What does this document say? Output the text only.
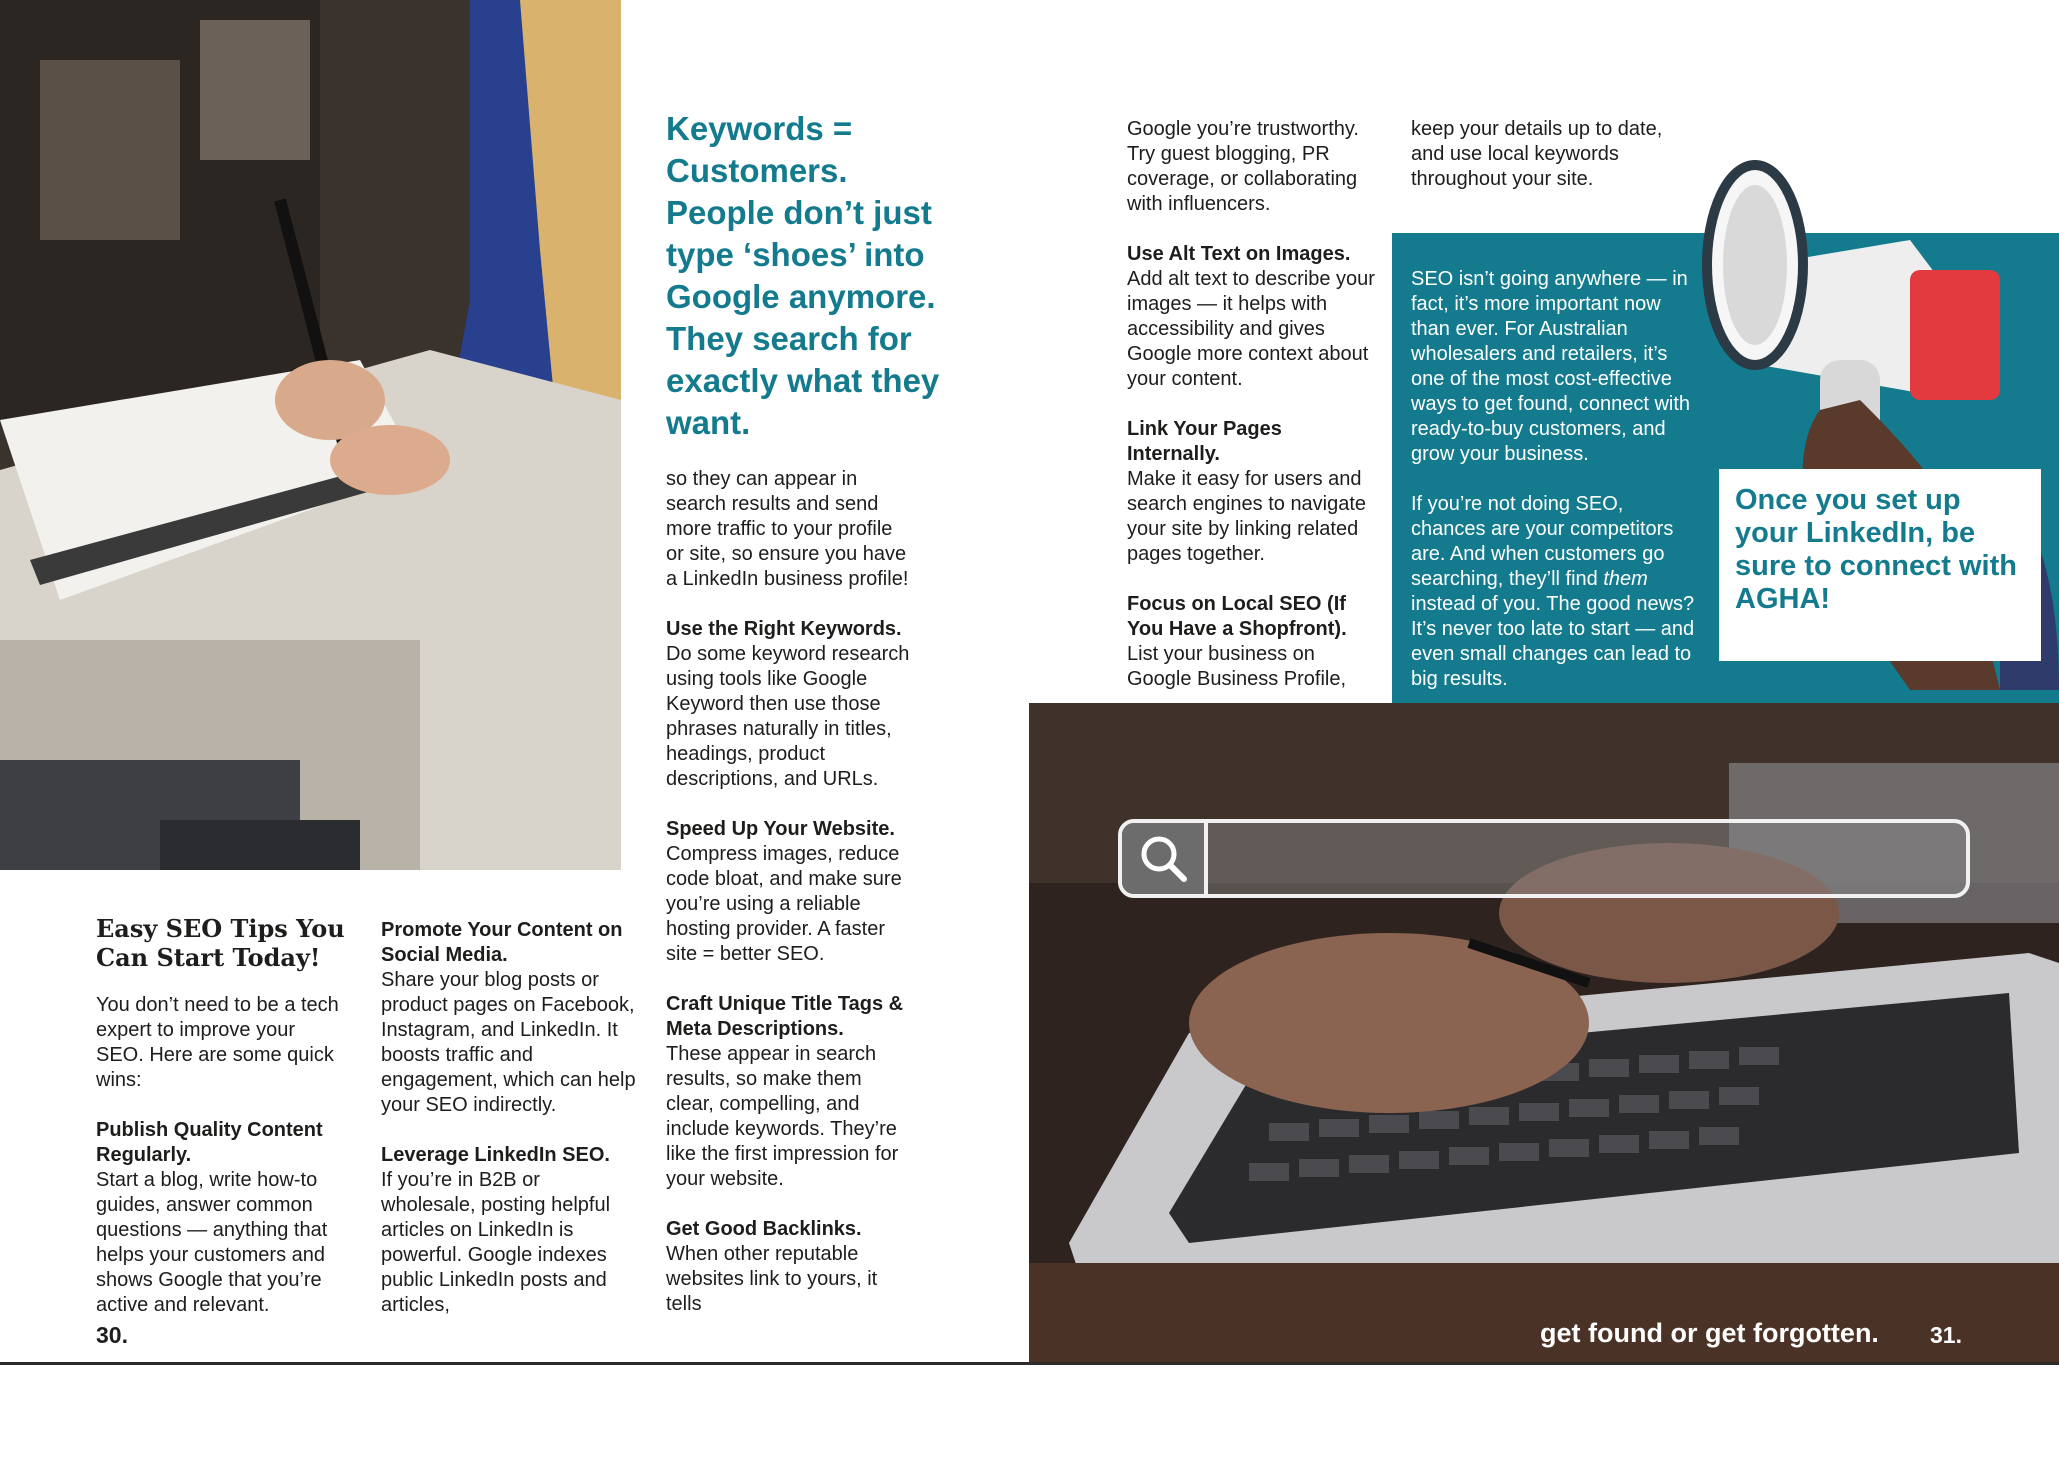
Keywords = Customers. People don’t just type ‘shoes’ into Google anymore. They search for exactly what they want.
Easy SEO Tips You Can Start Today!

You don’t need to be a tech expert to improve your SEO. Here are some quick wins:

Publish Quality Content Regularly.
Start a blog, write how-to guides, answer common questions — anything that helps your customers and shows Google that you’re active and relevant.

Promote Your Content on Social Media.
Share your blog posts or product pages on Facebook, Instagram, and LinkedIn. It boosts traffic and engagement, which can help your SEO indirectly.

Leverage LinkedIn SEO.
If you’re in B2B or wholesale, posting helpful articles on LinkedIn is powerful. Google indexes public LinkedIn posts and articles,

so they can appear in search results and send more traffic to your profile or site, so ensure you have a LinkedIn business profile!

Use the Right Keywords.
Do some keyword research using tools like Google Keyword then use those phrases naturally in titles, headings, product descriptions, and URLs.

Speed Up Your Website.
Compress images, reduce code bloat, and make sure you’re using a reliable hosting provider. A faster site = better SEO.

Craft Unique Title Tags & Meta Descriptions.
These appear in search results, so make them clear, compelling, and include keywords. They’re like the first impression for your website.

Get Good Backlinks.
When other reputable websites link to yours, it tells

Google you’re trustworthy. Try guest blogging, PR coverage, or collaborating with influencers.

Use Alt Text on Images.
Add alt text to describe your images — it helps with accessibility and gives Google more context about your content.

Link Your Pages Internally.
Make it easy for users and search engines to navigate your site by linking related pages together.

Focus on Local SEO (If You Have a Shopfront).
List your business on Google Business Profile,

keep your details up to date, and use local keywords throughout your site.

SEO isn’t going anywhere — in fact, it’s more important now than ever. For Australian wholesalers and retailers, it’s one of the most cost-effective ways to get found, connect with ready-to-buy customers, and grow your business.

If you’re not doing SEO, chances are your competitors are. And when customers go searching, they’ll find them instead of you. The good news? It’s never too late to start — and even small changes can lead to big results.

Once you set up your LinkedIn, be sure to connect with AGHA!
30.	get found or get forgotten. 31.
